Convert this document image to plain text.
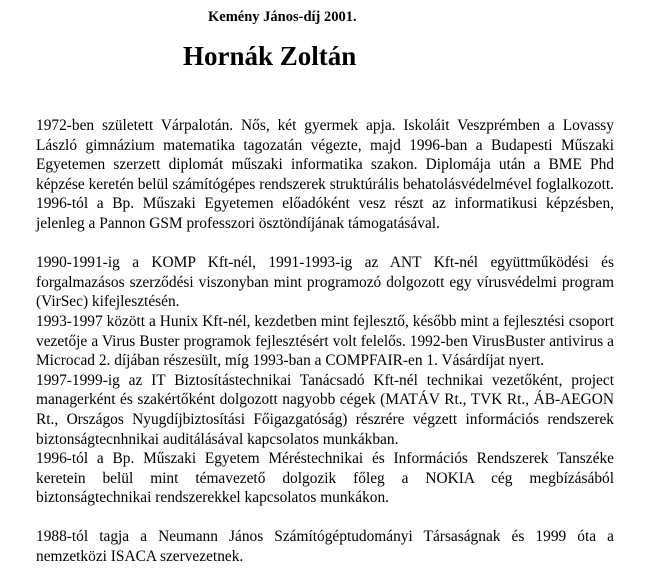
Kemény János-díj 2001.
Hornák Zoltán

1972-ben született Várpalotán. Nős, két gyermek apja. Iskoláit Veszprémben a Lovassy László gimnázium matematika tagozatán végezte, majd 1996-ban a Budapesti Műszaki Egyetemen szerzett diplomát műszaki informatika szakon. Diplomája után a BME Phd képzése keretén belül számítógépes rendszerek struktúrális behatolásvédelmével foglalkozott. 1996-tól a Bp. Műszaki Egyetemen előadóként vesz részt az informatikusi képzésben, jelenleg a Pannon GSM professzori ösztöndíjának támogatásával.

1990-1991-ig a KOMP Kft-nél, 1991-1993-ig az ANT Kft-nél együttműködési és forgalmazásos szerződési viszonyban mint programozó dolgozott egy vírusvédelmi program (VirSec) kifejlesztésén.

1993-1997 között a Hunix Kft-nél, kezdetben mint fejlesztő, később mint a fejlesztési csoport vezetője a Virus Buster programok fejlesztésért volt felelős. 1992-ben VirusBuster antivirus a Microcad 2. díjában részesült, míg 1993-ban a COMPFAIR-en 1. Vásárdíjat nyert.

1997-1999-ig az IT Biztosítástechnikai Tanácsadó Kft-nél technikai vezetőként, project managerként és szakértőként dolgozott nagyobb cégek (MATÁV Rt., TVK Rt., ÁB-AEGON Rt., Országos Nyugdíjbiztosítási Főigazgatóság) részrére végzett információs rendszerek biztonságtecnhnikai auditálásával kapcsolatos munkákban.

1996-tól a Bp. Műszaki Egyetem Méréstechnikai és Információs Rendszerek Tanszéke keretein belül mint témavezető dolgozik főleg a NOKIA cég megbízásából biztonságtechnikai rendszerekkel kapcsolatos munkákon.

1988-tól tagja a Neumann János Számítógéptudományi Társaságnak és 1999 óta a nemzetközi ISACA szervezetnek.
